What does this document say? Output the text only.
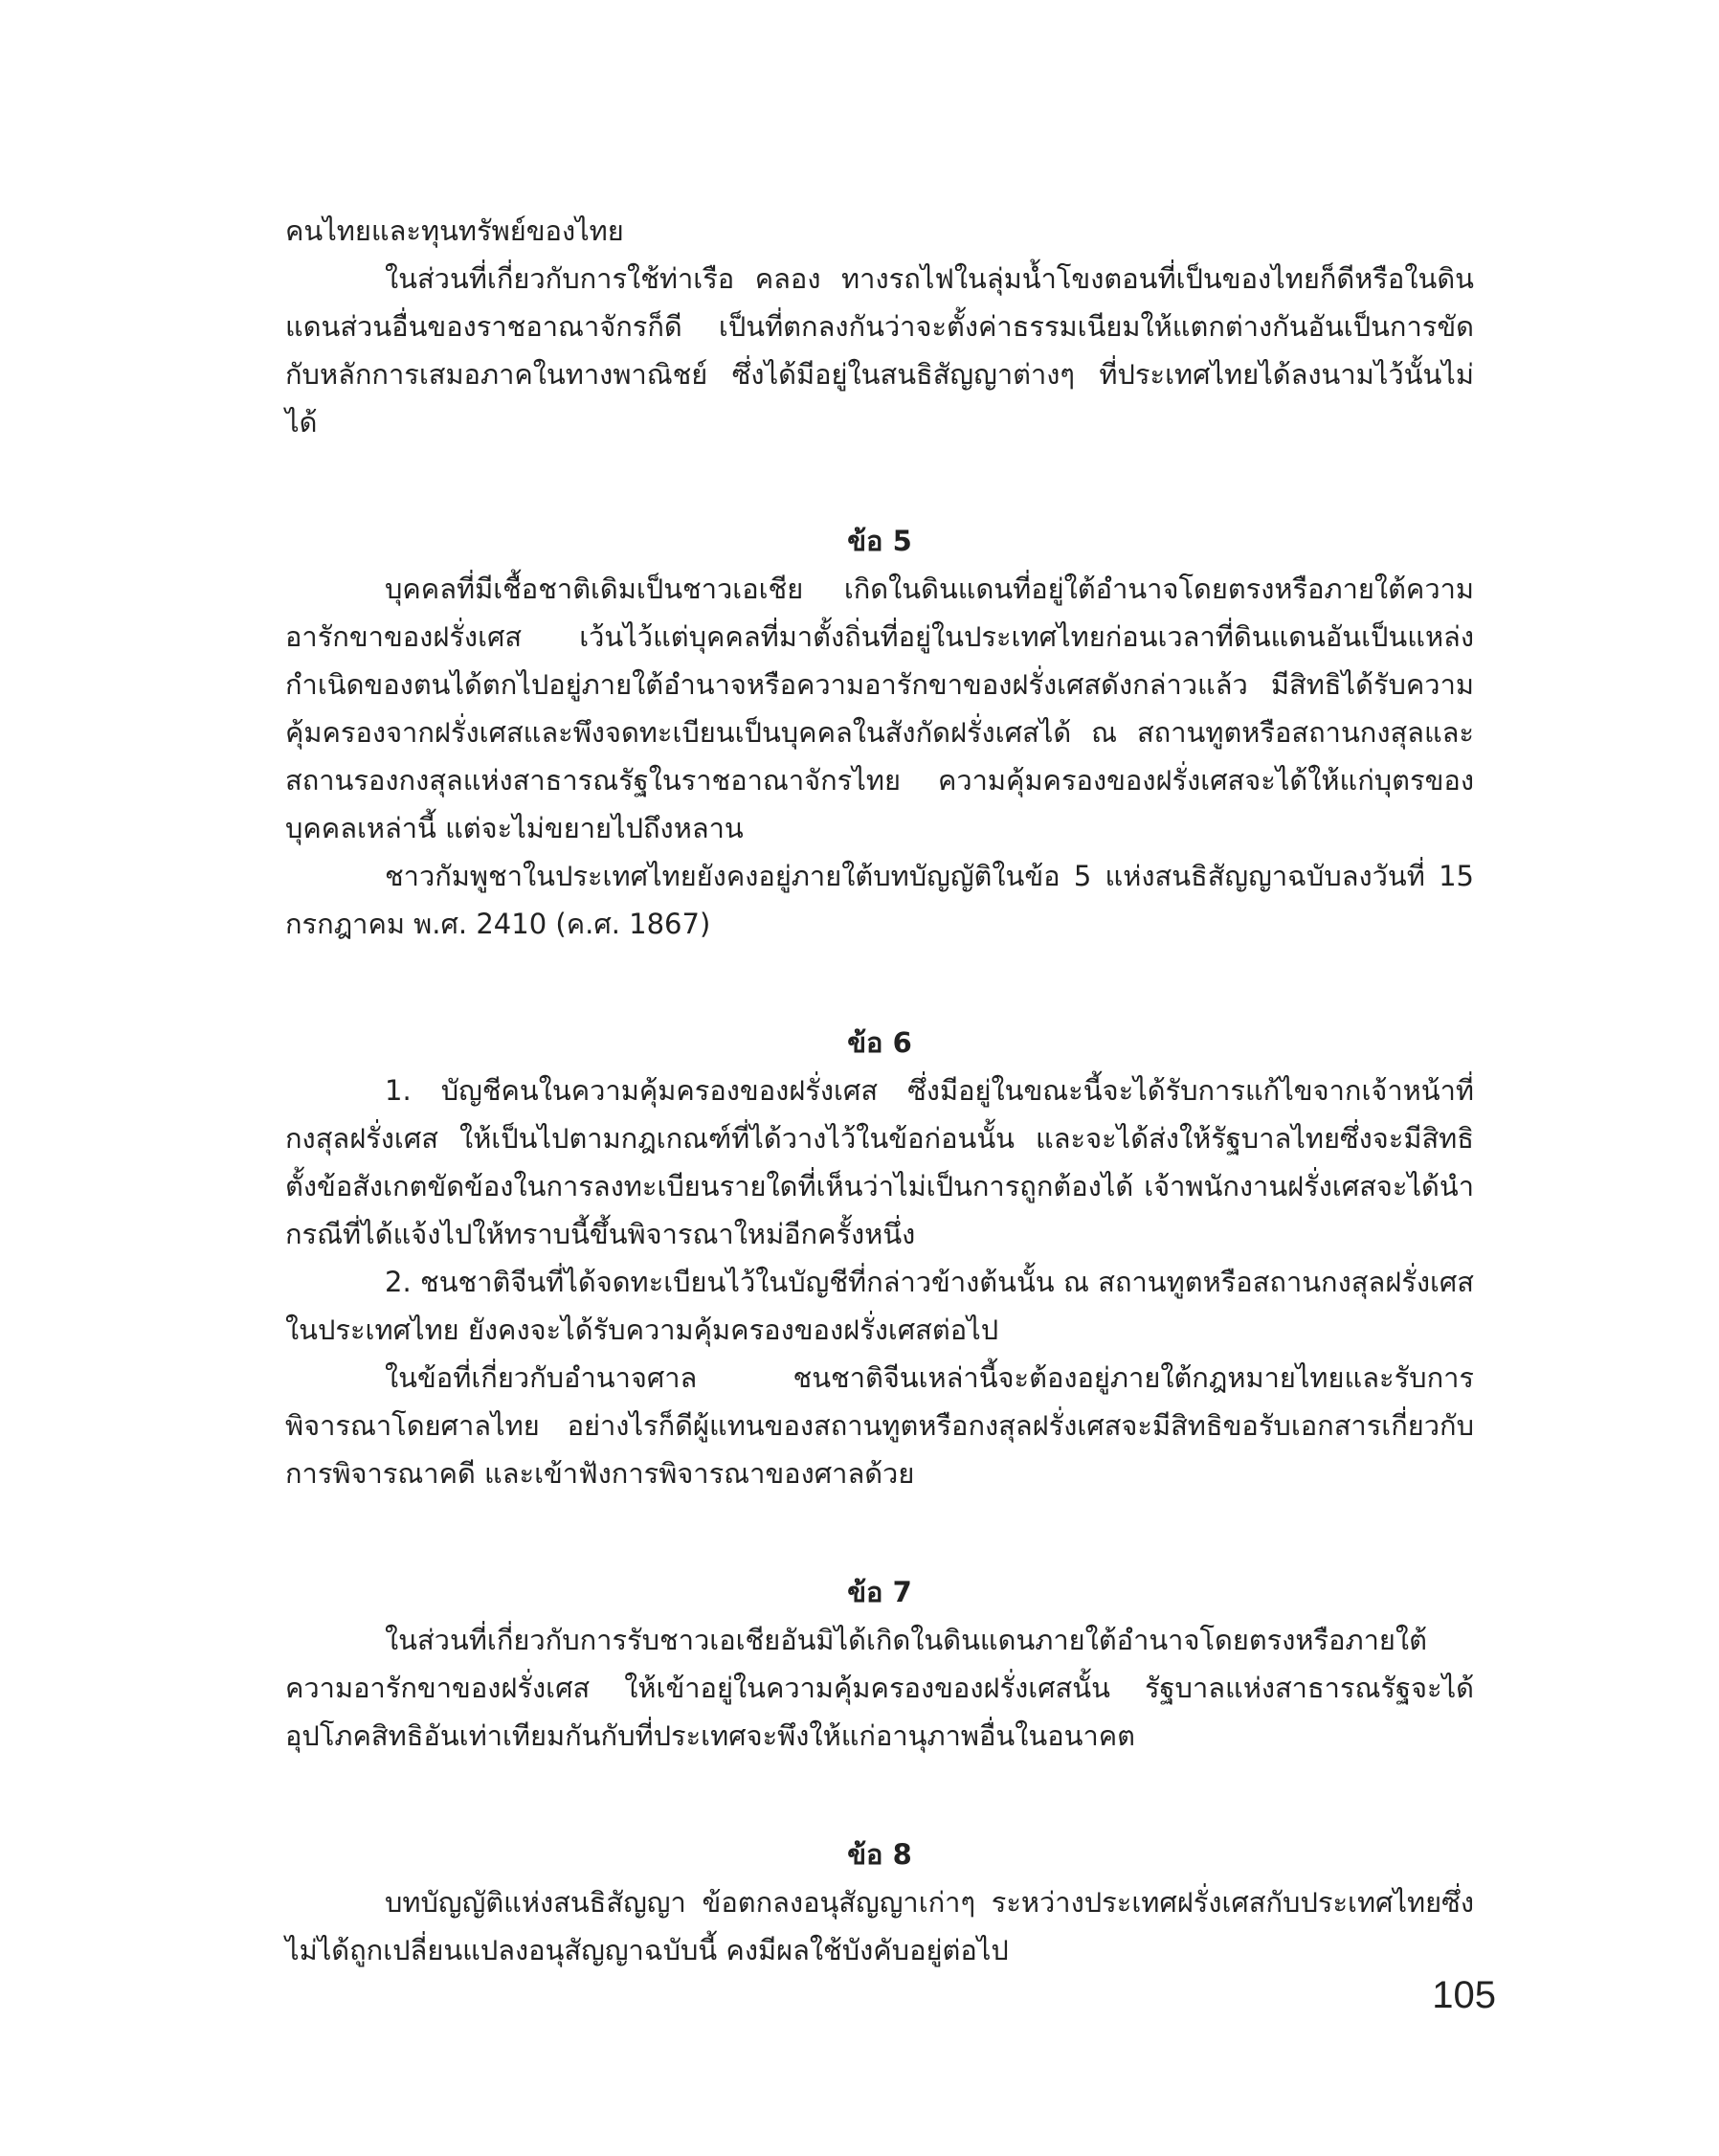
คนไทยและทุนทรัพย์ของไทย

ในส่วนที่เกี่ยวกับการใช้ท่าเรือ คลอง ทางรถไฟในลุ่มน้ำโขงตอนที่เป็นของไทยก็ดีหรือในดินแดนส่วนอื่นของราชอาณาจักรก็ดี เป็นที่ตกลงกันว่าจะตั้งค่าธรรมเนียมให้แตกต่างกันอันเป็นการขัดกับหลักการเสมอภาคในทางพาณิชย์ ซึ่งได้มีอยู่ในสนธิสัญญาต่างๆ ที่ประเทศไทยได้ลงนามไว้นั้นไม่ได้

ข้อ 5

บุคคลที่มีเชื้อชาติเดิมเป็นชาวเอเชีย เกิดในดินแดนที่อยู่ใต้อำนาจโดยตรงหรือภายใต้ความอารักขาของฝรั่งเศส เว้นไว้แต่บุคคลที่มาตั้งถิ่นที่อยู่ในประเทศไทยก่อนเวลาที่ดินแดนอันเป็นแหล่งกำเนิดของตนได้ตกไปอยู่ภายใต้อำนาจหรือความอารักขาของฝรั่งเศสดังกล่าวแล้ว มีสิทธิได้รับความคุ้มครองจากฝรั่งเศสและพึงจดทะเบียนเป็นบุคคลในสังกัดฝรั่งเศสได้ ณ สถานทูตหรือสถานกงสุลและสถานรองกงสุลแห่งสาธารณรัฐในราชอาณาจักรไทย ความคุ้มครองของฝรั่งเศสจะได้ให้แก่บุตรของบุคคลเหล่านี้ แต่จะไม่ขยายไปถึงหลาน

ชาวกัมพูชาในประเทศไทยยังคงอยู่ภายใต้บทบัญญัติในข้อ 5 แห่งสนธิสัญญาฉบับลงวันที่ 15 กรกฎาคม พ.ศ. 2410 (ค.ศ. 1867)

ข้อ 6

1. บัญชีคนในความคุ้มครองของฝรั่งเศส ซึ่งมีอยู่ในขณะนี้จะได้รับการแก้ไขจากเจ้าหน้าที่กงสุลฝรั่งเศส ให้เป็นไปตามกฎเกณฑ์ที่ได้วางไว้ในข้อก่อนนั้น และจะได้ส่งให้รัฐบาลไทยซึ่งจะมีสิทธิตั้งข้อสังเกตขัดข้องในการลงทะเบียนรายใดที่เห็นว่าไม่เป็นการถูกต้องได้ เจ้าพนักงานฝรั่งเศสจะได้นำกรณีที่ได้แจ้งไปให้ทราบนี้ขึ้นพิจารณาใหม่อีกครั้งหนึ่ง

2. ชนชาติจีนที่ได้จดทะเบียนไว้ในบัญชีที่กล่าวข้างต้นนั้น ณ สถานทูตหรือสถานกงสุลฝรั่งเศสในประเทศไทย ยังคงจะได้รับความคุ้มครองของฝรั่งเศสต่อไป

ในข้อที่เกี่ยวกับอำนาจศาล ชนชาติจีนเหล่านี้จะต้องอยู่ภายใต้กฎหมายไทยและรับการพิจารณาโดยศาลไทย อย่างไรก็ดีผู้แทนของสถานทูตหรือกงสุลฝรั่งเศสจะมีสิทธิขอรับเอกสารเกี่ยวกับการพิจารณาคดี และเข้าฟังการพิจารณาของศาลด้วย

ข้อ 7

ในส่วนที่เกี่ยวกับการรับชาวเอเชียอันมิได้เกิดในดินแดนภายใต้อำนาจโดยตรงหรือภายใต้ความอารักขาของฝรั่งเศส ให้เข้าอยู่ในความคุ้มครองของฝรั่งเศสนั้น รัฐบาลแห่งสาธารณรัฐจะได้อุปโภคสิทธิอันเท่าเทียมกันกับที่ประเทศจะพึงให้แก่อานุภาพอื่นในอนาคต

ข้อ 8

บทบัญญัติแห่งสนธิสัญญา ข้อตกลงอนุสัญญาเก่าๆ ระหว่างประเทศฝรั่งเศสกับประเทศไทยซึ่งไม่ได้ถูกเปลี่ยนแปลงอนุสัญญาฉบับนี้ คงมีผลใช้บังคับอยู่ต่อไป

105
